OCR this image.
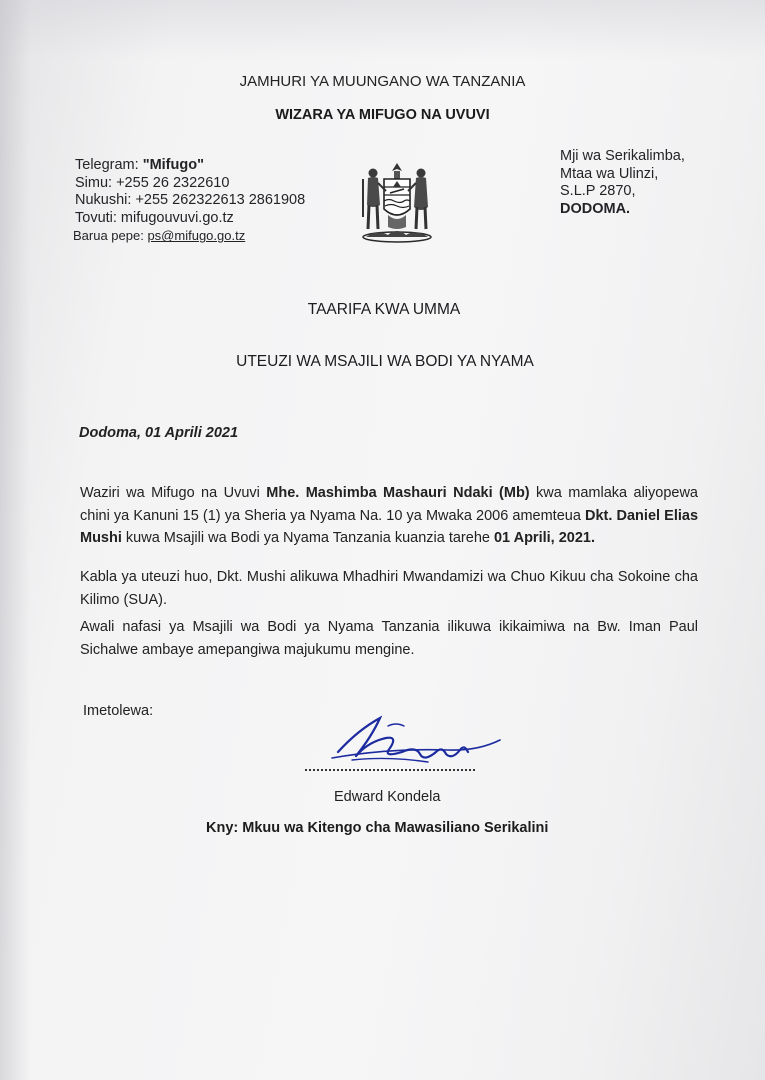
JAMHURI YA MUUNGANO WA TANZANIA
WIZARA YA MIFUGO NA UVUVI
Telegram: "Mifugo"
Simu: +255 26 2322610
Nukushi: +255 262322613 2861908
Tovuti: mifugouvuvi.go.tz
Barua pepe: ps@mifugo.go.tz
Mji wa Serikalimba,
Mtaa wa Ulinzi,
S.L.P 2870,
DODOMA.
TAARIFA KWA UMMA
UTEUZI WA MSAJILI WA BODI YA NYAMA
Dodoma, 01 Aprili 2021
Waziri wa Mifugo na Uvuvi Mhe. Mashimba Mashauri Ndaki (Mb) kwa mamlaka aliyopewa chini ya Kanuni 15 (1) ya Sheria ya Nyama Na. 10 ya Mwaka 2006 amemteua Dkt. Daniel Elias Mushi kuwa Msajili wa Bodi ya Nyama Tanzania kuanzia tarehe 01 Aprili, 2021.
Kabla ya uteuzi huo, Dkt. Mushi alikuwa Mhadhiri Mwandamizi wa Chuo Kikuu cha Sokoine cha Kilimo (SUA).
Awali nafasi ya Msajili wa Bodi ya Nyama Tanzania ilikuwa ikikaimiwa na Bw. Iman Paul Sichalwe ambaye amepangiwa majukumu mengine.
Imetolewa:
Edward Kondela
Kny: Mkuu wa Kitengo cha Mawasiliano Serikalini
